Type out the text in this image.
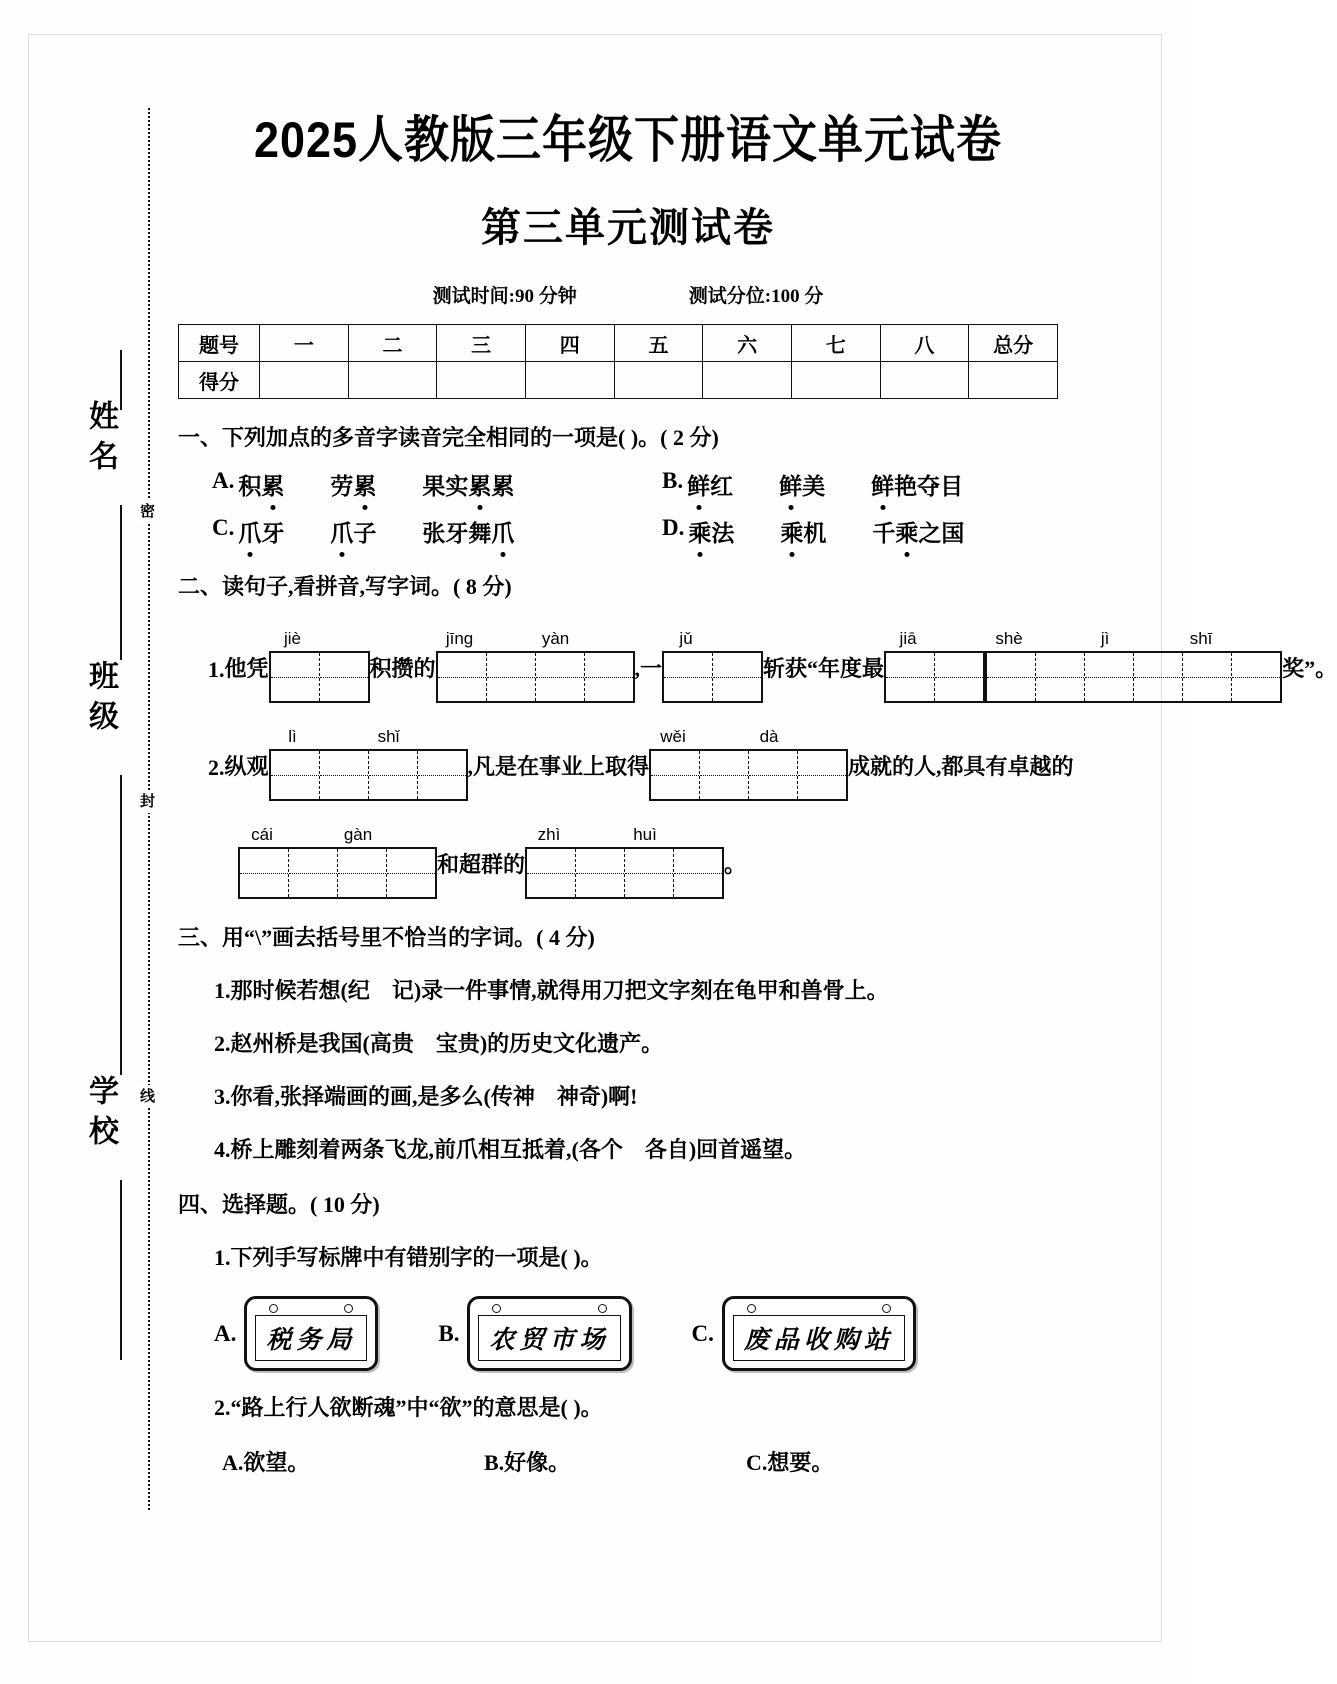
密
封
线
姓名
班级
学校
2025人教版三年级下册语文单元试卷
第三单元测试卷
测试时间:90 分钟	测试分位:100 分
题号	一	二	三	四	五	六	七	八	总分
得分									
一、下列加点的多音字读音完全相同的一项是( )。( 2 分)
A. 积累 劳累 果实累累	B. 鲜红 鲜美 鲜艳夺目
C. 爪牙 爪子 张牙舞爪	D. 乘法 乘机 千乘之国
二、读句子,看拼音,写字词。( 8 分)
1. 他凭
jiè
积攒的
jīng	yàn
,一
jǔ
斩获“年度最
jiā	shè	jì	shī
奖”。
2. 纵观
lì	shǐ
,凡是在事业上取得
wěi	dà
成就的人,都具有卓越的
cái	gàn
和超群的
zhì	huì
。
三、用“\”画去括号里不恰当的字词。( 4 分)
1.那时候若想(纪　记)录一件事情,就得用刀把文字刻在龟甲和兽骨上。
2.赵州桥是我国(高贵　宝贵)的历史文化遗产。
3.你看,张择端画的画,是多么(传神　神奇)啊!
4.桥上雕刻着两条飞龙,前爪相互抵着,(各个　各自)回首遥望。
四、选择题。( 10 分)
1.下列手写标牌中有错别字的一项是( )。
A.	税务局	B.	农贸市场	C.	废品收购站
2.“路上行人欲断魂”中“欲”的意思是( )。
A.欲望。	B.好像。	C.想要。
